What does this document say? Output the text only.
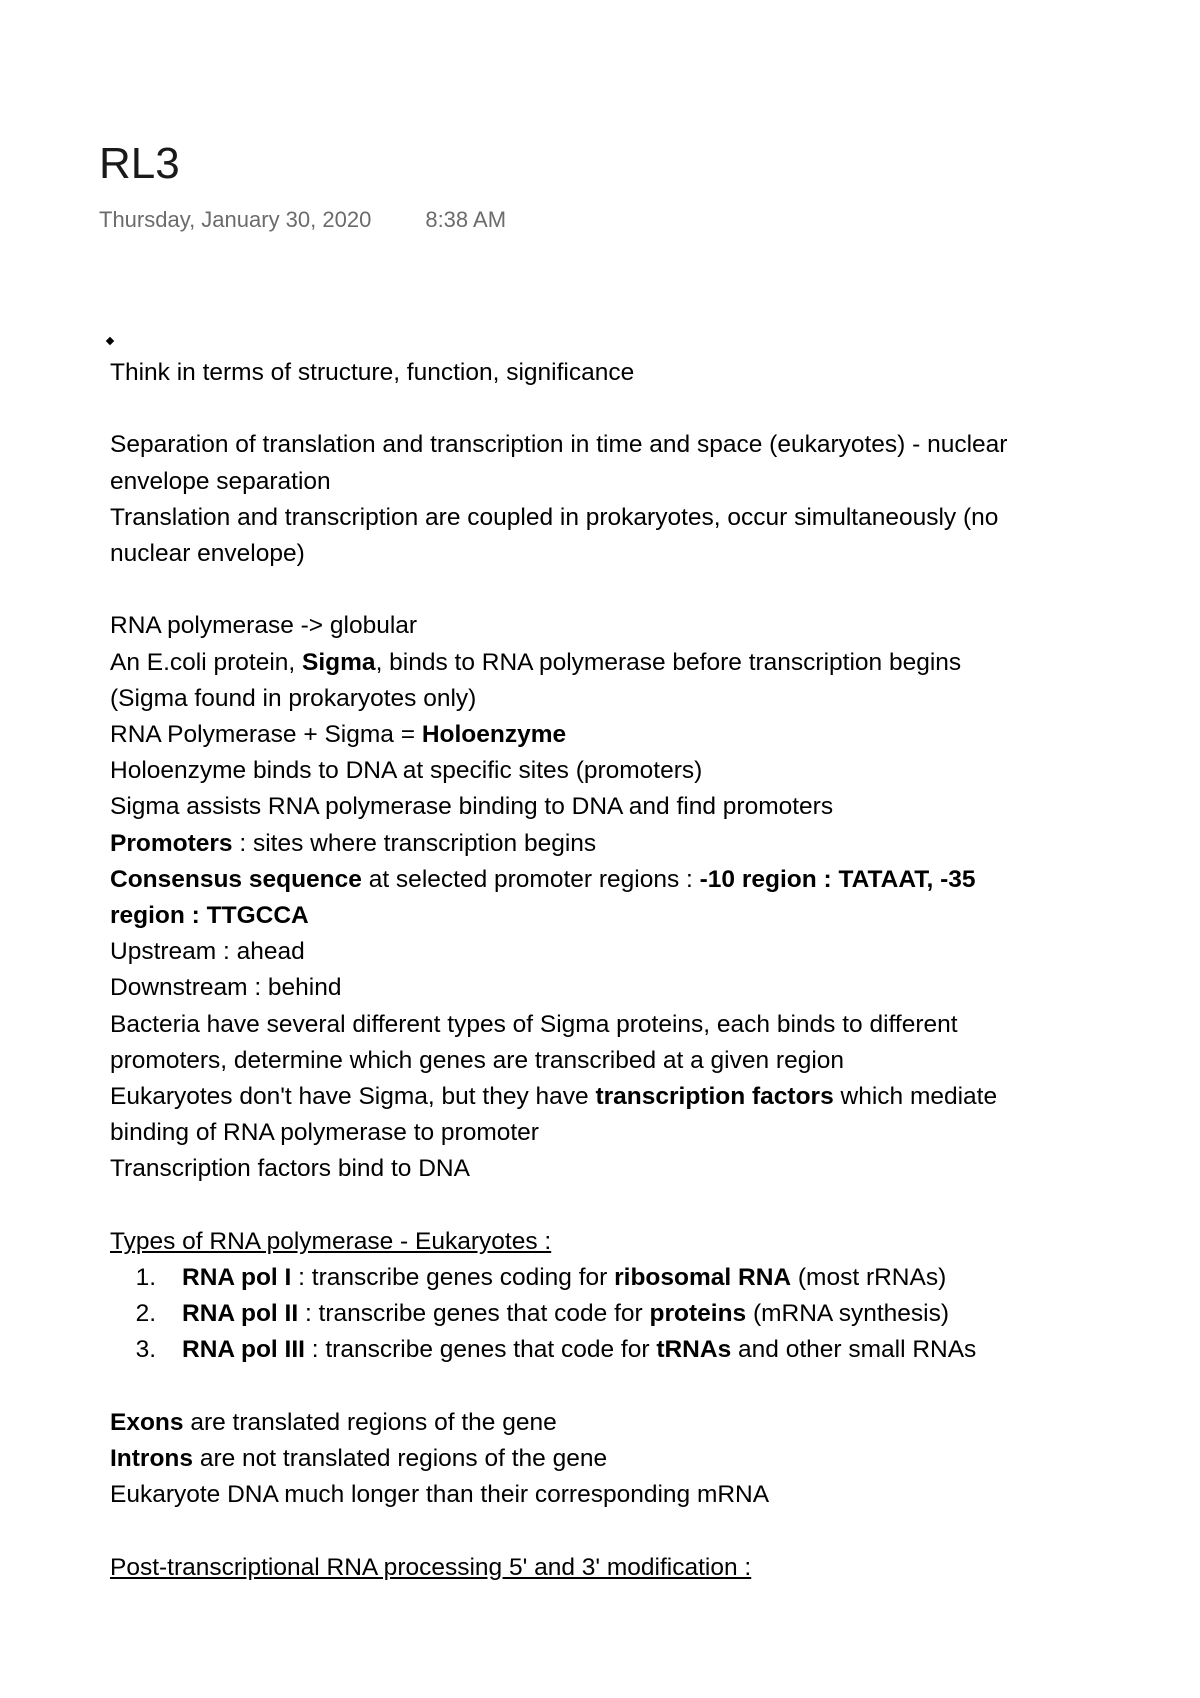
RL3
Thursday, January 30, 2020 8:38 AM
Think in terms of structure, function, significance
Separation of translation and transcription in time and space (eukaryotes) - nuclear
envelope separation
Translation and transcription are coupled in prokaryotes, occur simultaneously (no
nuclear envelope)
RNA polymerase -> globular
An E.coli protein, Sigma, binds to RNA polymerase before transcription begins
(Sigma found in prokaryotes only)
RNA Polymerase + Sigma = Holoenzyme
Holoenzyme binds to DNA at specific sites (promoters)
Sigma assists RNA polymerase binding to DNA and find promoters
Promoters : sites where transcription begins
Consensus sequence at selected promoter regions : -10 region : TATAAT, -35
region : TTGCCA
Upstream : ahead
Downstream : behind
Bacteria have several different types of Sigma proteins, each binds to different
promoters, determine which genes are transcribed at a given region
Eukaryotes don't have Sigma, but they have transcription factors which mediate
binding of RNA polymerase to promoter
Transcription factors bind to DNA
Types of RNA polymerase - Eukaryotes :
1. RNA pol I : transcribe genes coding for ribosomal RNA (most rRNAs)
2. RNA pol II : transcribe genes that code for proteins (mRNA synthesis)
3. RNA pol III : transcribe genes that code for tRNAs and other small RNAs
Exons are translated regions of the gene
Introns are not translated regions of the gene
Eukaryote DNA much longer than their corresponding mRNA
Post-transcriptional RNA processing 5' and 3' modification :
